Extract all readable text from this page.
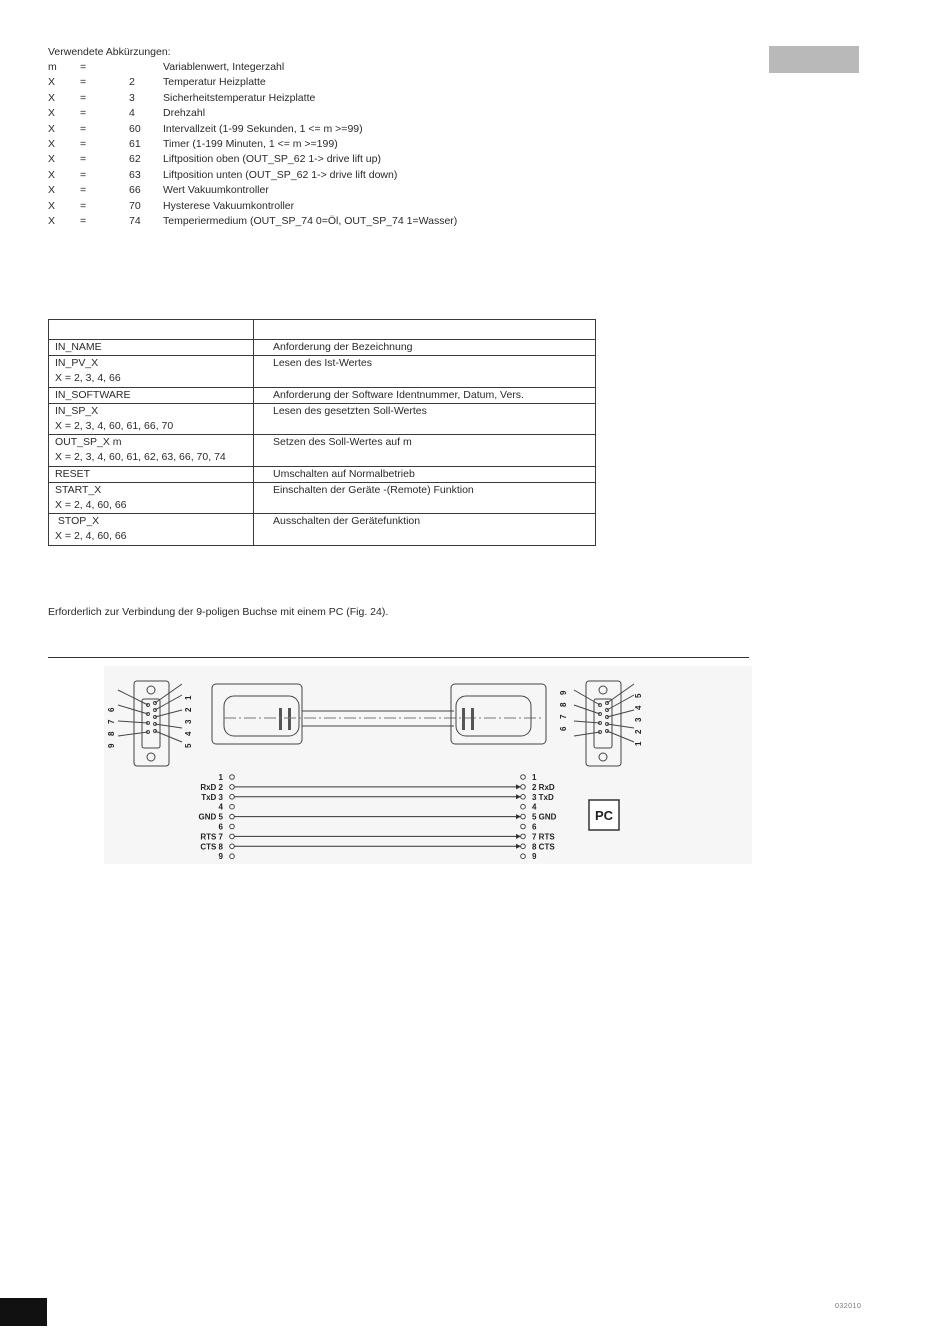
Verwendete Abkürzungen:
m =	Variablenwert, Integerzahl
X =	2	Temperatur Heizplatte
X =	3	Sicherheitstemperatur Heizplatte
X =	4	Drehzahl
X =	60 Intervallzeit (1-99 Sekunden, 1 <= m >=99)
X =	61 Timer (1-199 Minuten, 1 <= m >=199)
X =	62 Liftposition oben (OUT_SP_62 1-> drive lift up)
X =	63 Liftposition unten (OUT_SP_62 1-> drive lift down)
X =	66 Wert Vakuumkontroller
X =	70 Hysterese Vakuumkontroller
X =	74 Temperiermedium (OUT_SP_74 0=Öl, OUT_SP_74 1=Wasser)

IN_NAME	Anforderung der Bezeichnung

IN_PV_X
X = 2, 3, 4, 66	Lesen des Ist-Wertes

IN_SOFTWARE	Anforderung der Software Identnummer, Datum, Vers.

IN_SP_X
X = 2, 3, 4, 60, 61, 66, 70	Lesen des gesetzten Soll-Wertes

OUT_SP_X m
X = 2, 3, 4, 60, 61, 62, 63, 66, 70, 74	Setzen des Soll-Wertes auf m

RESET	Umschalten auf Normalbetrieb

START_X
X = 2, 4, 60, 66	Einschalten der Geräte -(Remote) Funktion

STOP_X
X = 2, 4, 60, 66	Ausschalten der Gerätefunktion
Erforderlich zur Verbindung der 9-poligen Buchse mit einem PC (Fig. 24).
9
8
7
6
5
4
3
2
1
9
8
7
6
1
2
3
4
5
1	1
RxD 2	2 RxD
TxD 3	3 TxD
4	4
GND 5	5 GND
6	6
RTS 7	7 RTS
CTS 8	8 CTS
9	9
PC
032010
